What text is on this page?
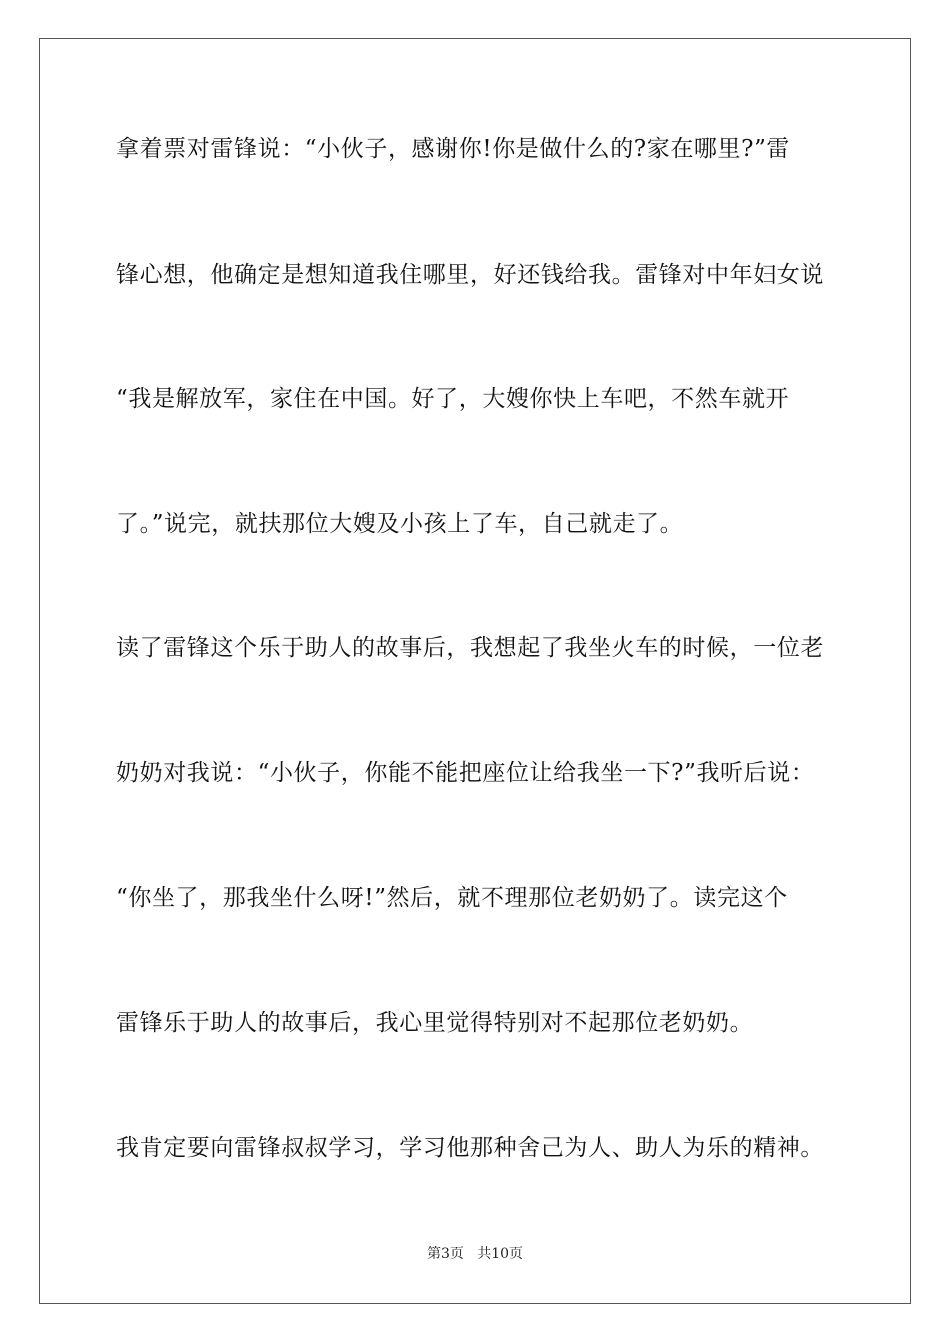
拿着票对雷锋说：“小伙子，感谢你!你是做什么的?家在哪里?”雷
锋心想，他确定是想知道我住哪里，好还钱给我。雷锋对中年妇女说
“我是解放军，家住在中国。好了，大嫂你快上车吧，不然车就开
了。”说完，就扶那位大嫂及小孩上了车，自己就走了。
读了雷锋这个乐于助人的故事后，我想起了我坐火车的时候，一位老
奶奶对我说：“小伙子，你能不能把座位让给我坐一下?”我听后说：
“你坐了，那我坐什么呀!”然后，就不理那位老奶奶了。读完这个
雷锋乐于助人的故事后，我心里觉得特别对不起那位老奶奶。
我肯定要向雷锋叔叔学习，学习他那种舍己为人、助人为乐的精神。
第3页   共10页
